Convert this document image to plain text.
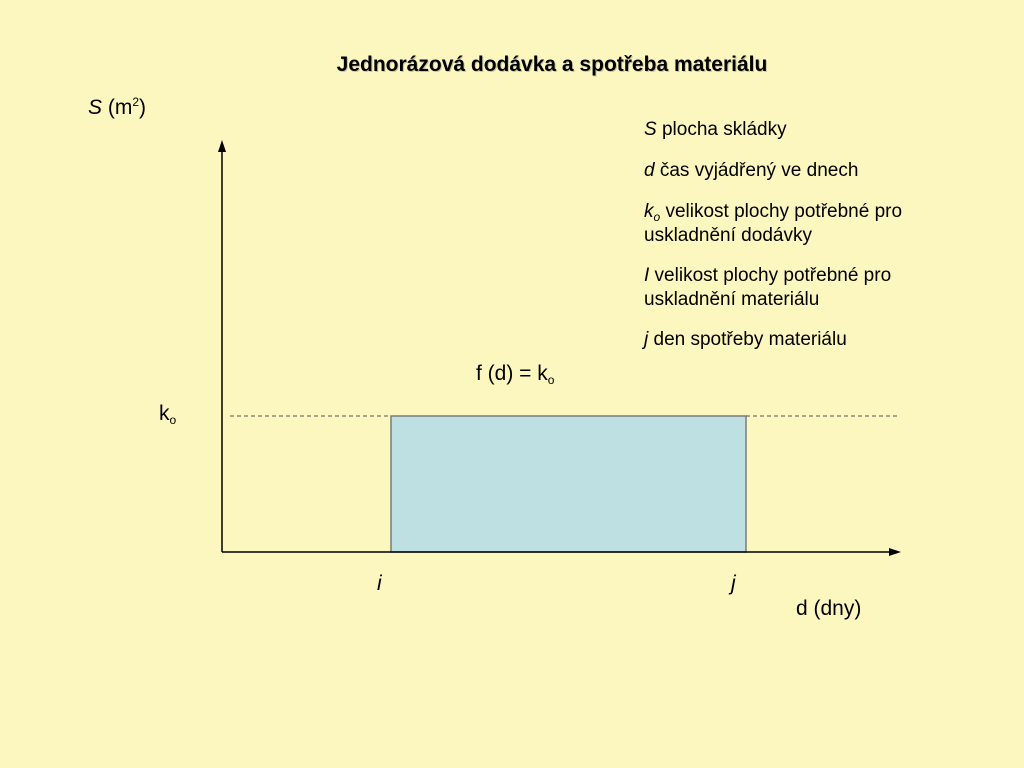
Jednorázová dodávka a spotřeba materiálu
S $(m^2)$
$k_o$
f $(d) = k_o$
i	j
d (dny)
S plocha skládky
d čas vyjádřený ve dnech
$k_o$ velikost plochy potřebné pro uskladnění dodávky
I velikost plochy potřebné pro uskladnění materiálu
j den spotřeby materiálu
